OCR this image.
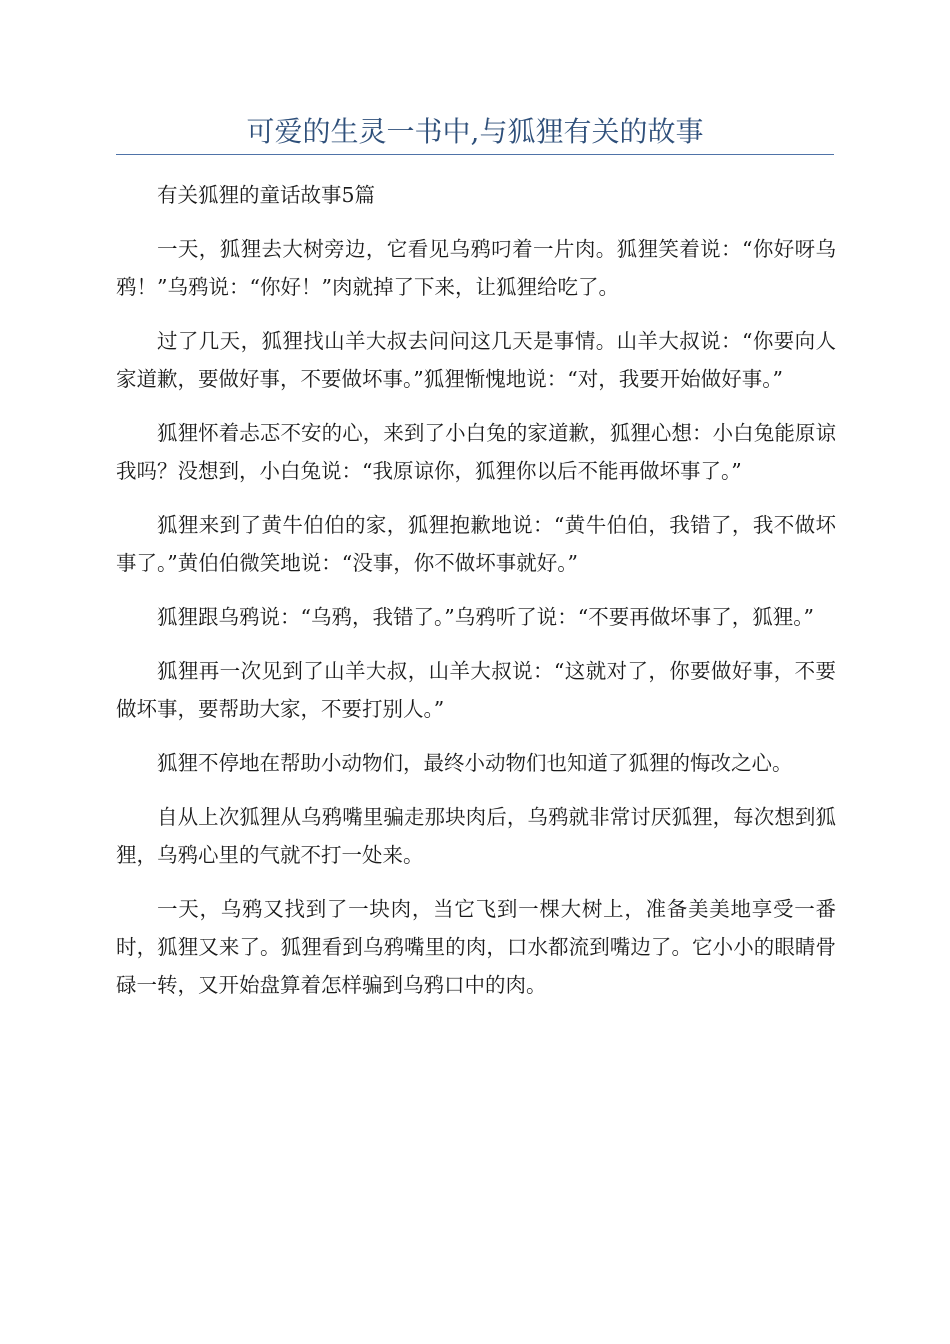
可爱的生灵一书中,与狐狸有关的故事

有关狐狸的童话故事5篇

一天，狐狸去大树旁边，它看见乌鸦叼着一片肉。狐狸笑着说：“你好呀乌鸦！”乌鸦说：“你好！”肉就掉了下来，让狐狸给吃了。

过了几天，狐狸找山羊大叔去问问这几天是事情。山羊大叔说：“你要向人家道歉，要做好事，不要做坏事。”狐狸惭愧地说：“对，我要开始做好事。”

狐狸怀着忐忑不安的心，来到了小白兔的家道歉，狐狸心想：小白兔能原谅我吗？没想到，小白兔说：“我原谅你，狐狸你以后不能再做坏事了。”

狐狸来到了黄牛伯伯的家，狐狸抱歉地说：“黄牛伯伯，我错了，我不做坏事了。”黄伯伯微笑地说：“没事，你不做坏事就好。”

狐狸跟乌鸦说：“乌鸦，我错了。”乌鸦听了说：“不要再做坏事了，狐狸。”

狐狸再一次见到了山羊大叔，山羊大叔说：“这就对了，你要做好事，不要做坏事，要帮助大家，不要打别人。”

狐狸不停地在帮助小动物们，最终小动物们也知道了狐狸的悔改之心。

自从上次狐狸从乌鸦嘴里骗走那块肉后，乌鸦就非常讨厌狐狸，每次想到狐狸，乌鸦心里的气就不打一处来。

一天，乌鸦又找到了一块肉，当它飞到一棵大树上，准备美美地享受一番时，狐狸又来了。狐狸看到乌鸦嘴里的肉，口水都流到嘴边了。它小小的眼睛骨碌一转，又开始盘算着怎样骗到乌鸦口中的肉。
